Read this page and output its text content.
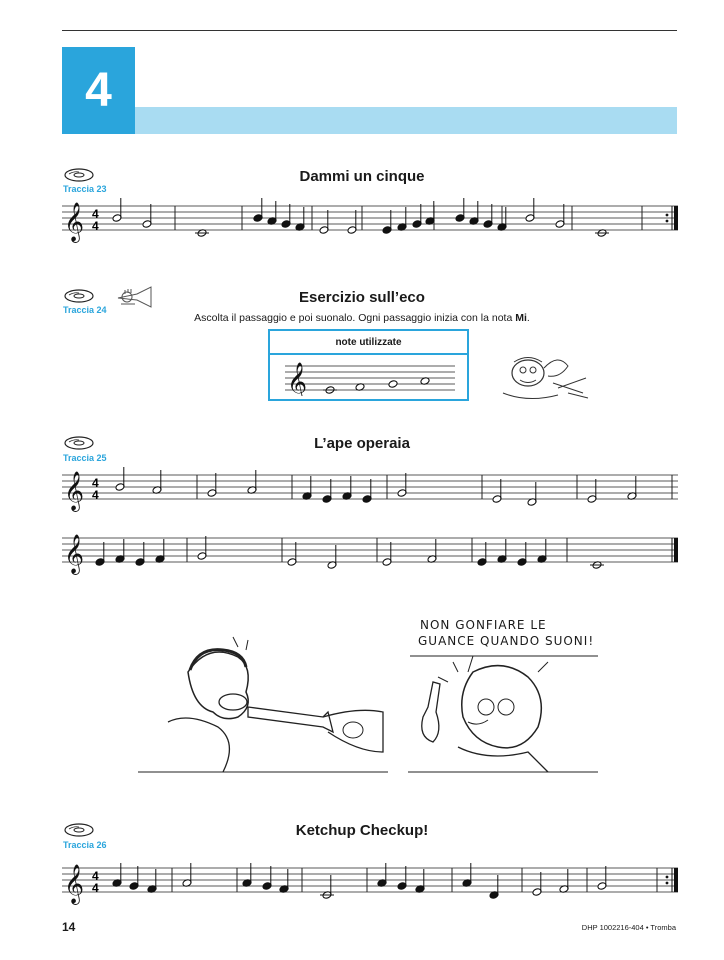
4
Traccia 23
Dammi un cinque
𝄞 4
4
Traccia 24
Esercizio sull’eco
Ascolta il passaggio e poi suonalo. Ogni passaggio inizia con la nota Mi.
note utilizzate
𝄞
Traccia 25
L’ape operaia
𝄞 4
4
𝄞
NON GONFIARE LE
GUANCE QUANDO SUONI!
Traccia 26
Ketchup Checkup!
𝄞 4
4
14	DHP 1002216-404 • Tromba
